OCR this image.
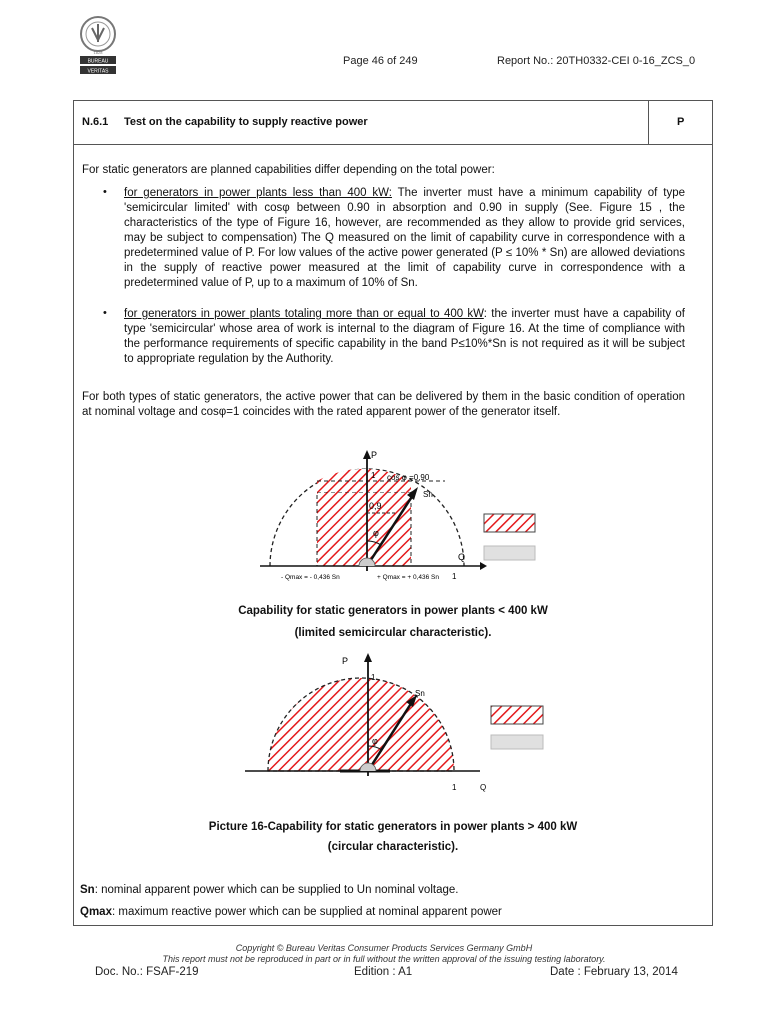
BUREAU
VERITAS
1828
Page 46 of 249	Report No.: 20TH0332-CEI 0-16_ZCS_0
N.6.1 Test on the capability to supply reactive power	P
For static generators are planned capabilities differ depending on the total power:
• for generators in power plants less than 400 kW: The inverter must have a minimum capability of type 'semicircular limited' with cosφ between 0.90 in absorption and 0.90 in supply (See. Figure 15 , the characteristics of the type of Figure 16, however, are recommended as they allow to provide grid services, may be subject to compensation) The Q measured on the limit of capability curve in correspondence with a predetermined value of P. For low values of the active power generated (P ≤ 10% * Sn) are allowed deviations in the supply of reactive power measured at the limit of capability curve in correspondence with a predetermined value of P, up to a maximum of 10% of Sn.
• for generators in power plants totaling more than or equal to 400 kW: the inverter must have a capability of type 'semicircular' whose area of work is internal to the diagram of Figure 16. At the time of compliance with the performance requirements of specific capability in the band P≤10%*Sn is not required as it will be subject to appropriate regulation by the Authority.
For both types of static generators, the active power that can be delivered by them in the basic condition of operation at nominal voltage and cosφ=1 coincides with the rated apparent power of the generator itself.
P
Q
1
1
cos φ =0,90
Sn
0,9
φ
- Qmax = - 0,436 Sn	+ Qmax = + 0,436 Sn
Capability for static generators in power plants < 400 kW
(limited semicircular characteristic).
P
1
Sn
φ
1	Q
Picture 16-Capability for static generators in power plants > 400 kW
(circular characteristic).
Sn: nominal apparent power which can be supplied to Un nominal voltage.
Qmax: maximum reactive power which can be supplied at nominal apparent power
Copyright © Bureau Veritas Consumer Products Services Germany GmbH
This report must not be reproduced in part or in full without the written approval of the issuing testing laboratory.
Doc. No.: FSAF-219	Edition : A1	Date : February 13, 2014
